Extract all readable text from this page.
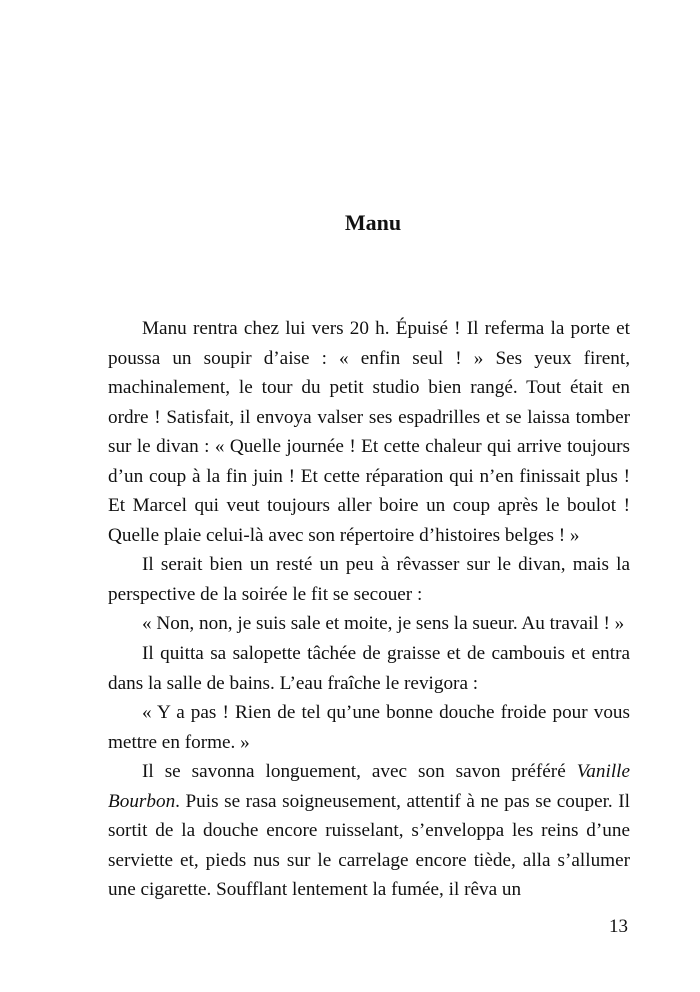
Manu

Manu rentra chez lui vers 20 h. Épuisé ! Il referma la porte et poussa un soupir d’aise : « enfin seul ! » Ses yeux firent, machinalement, le tour du petit studio bien rangé. Tout était en ordre ! Satisfait, il envoya valser ses espadrilles et se laissa tomber sur le divan : « Quelle journée ! Et cette chaleur qui arrive toujours d’un coup à la fin juin ! Et cette réparation qui n’en finissait plus ! Et Marcel qui veut toujours aller boire un coup après le boulot ! Quelle plaie celui-là avec son répertoire d’histoires belges ! »

Il serait bien un resté un peu à rêvasser sur le divan, mais la perspective de la soirée le fit se secouer :

« Non, non, je suis sale et moite, je sens la sueur. Au travail ! »

Il quitta sa salopette tâchée de graisse et de cambouis et entra dans la salle de bains. L’eau fraîche le revigora :

« Y a pas ! Rien de tel qu’une bonne douche froide pour vous mettre en forme. »

Il se savonna longuement, avec son savon préféré Vanille Bourbon. Puis se rasa soigneusement, attentif à ne pas se couper. Il sortit de la douche encore ruisselant, s’enveloppa les reins d’une serviette et, pieds nus sur le carrelage encore tiède, alla s’allumer une cigarette. Soufflant lentement la fumée, il rêva un

13
